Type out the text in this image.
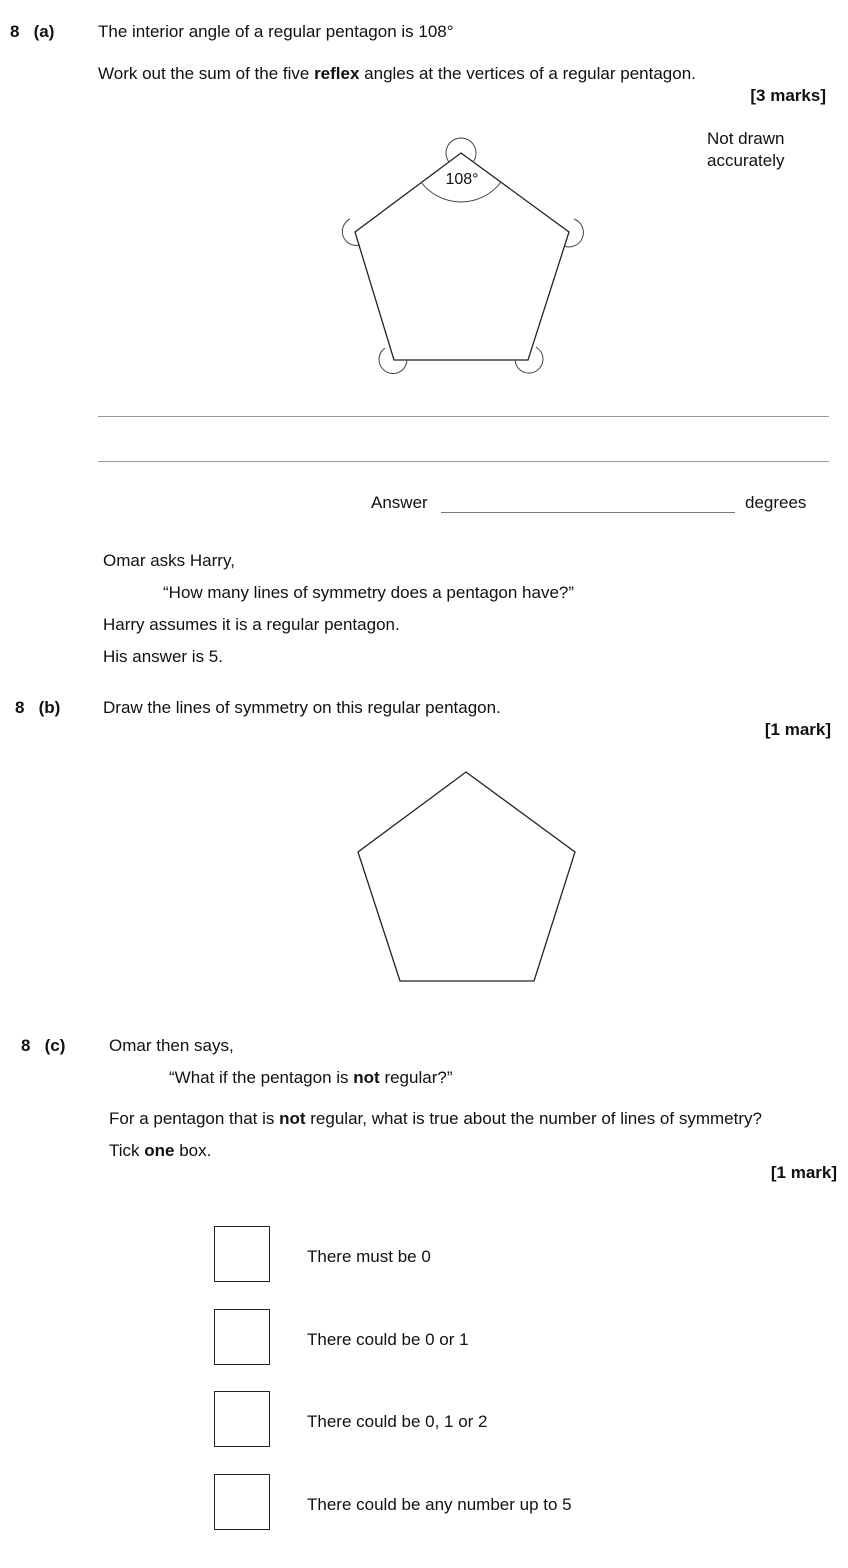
8 (a)	The interior angle of a regular pentagon is 108°
Work out the sum of the five reflex angles at the vertices of a regular pentagon.
[3 marks]
Not drawn
accurately
108°
Answer	degrees
Omar asks Harry,
“How many lines of symmetry does a pentagon have?”
Harry assumes it is a regular pentagon.
His answer is 5.
8 (b)	Draw the lines of symmetry on this regular pentagon.
[1 mark]
8 (c)	Omar then says,
“What if the pentagon is not regular?”
For a pentagon that is not regular, what is true about the number of lines of symmetry?
Tick one box.
[1 mark]
There must be 0
There could be 0 or 1
There could be 0, 1 or 2
There could be any number up to 5
